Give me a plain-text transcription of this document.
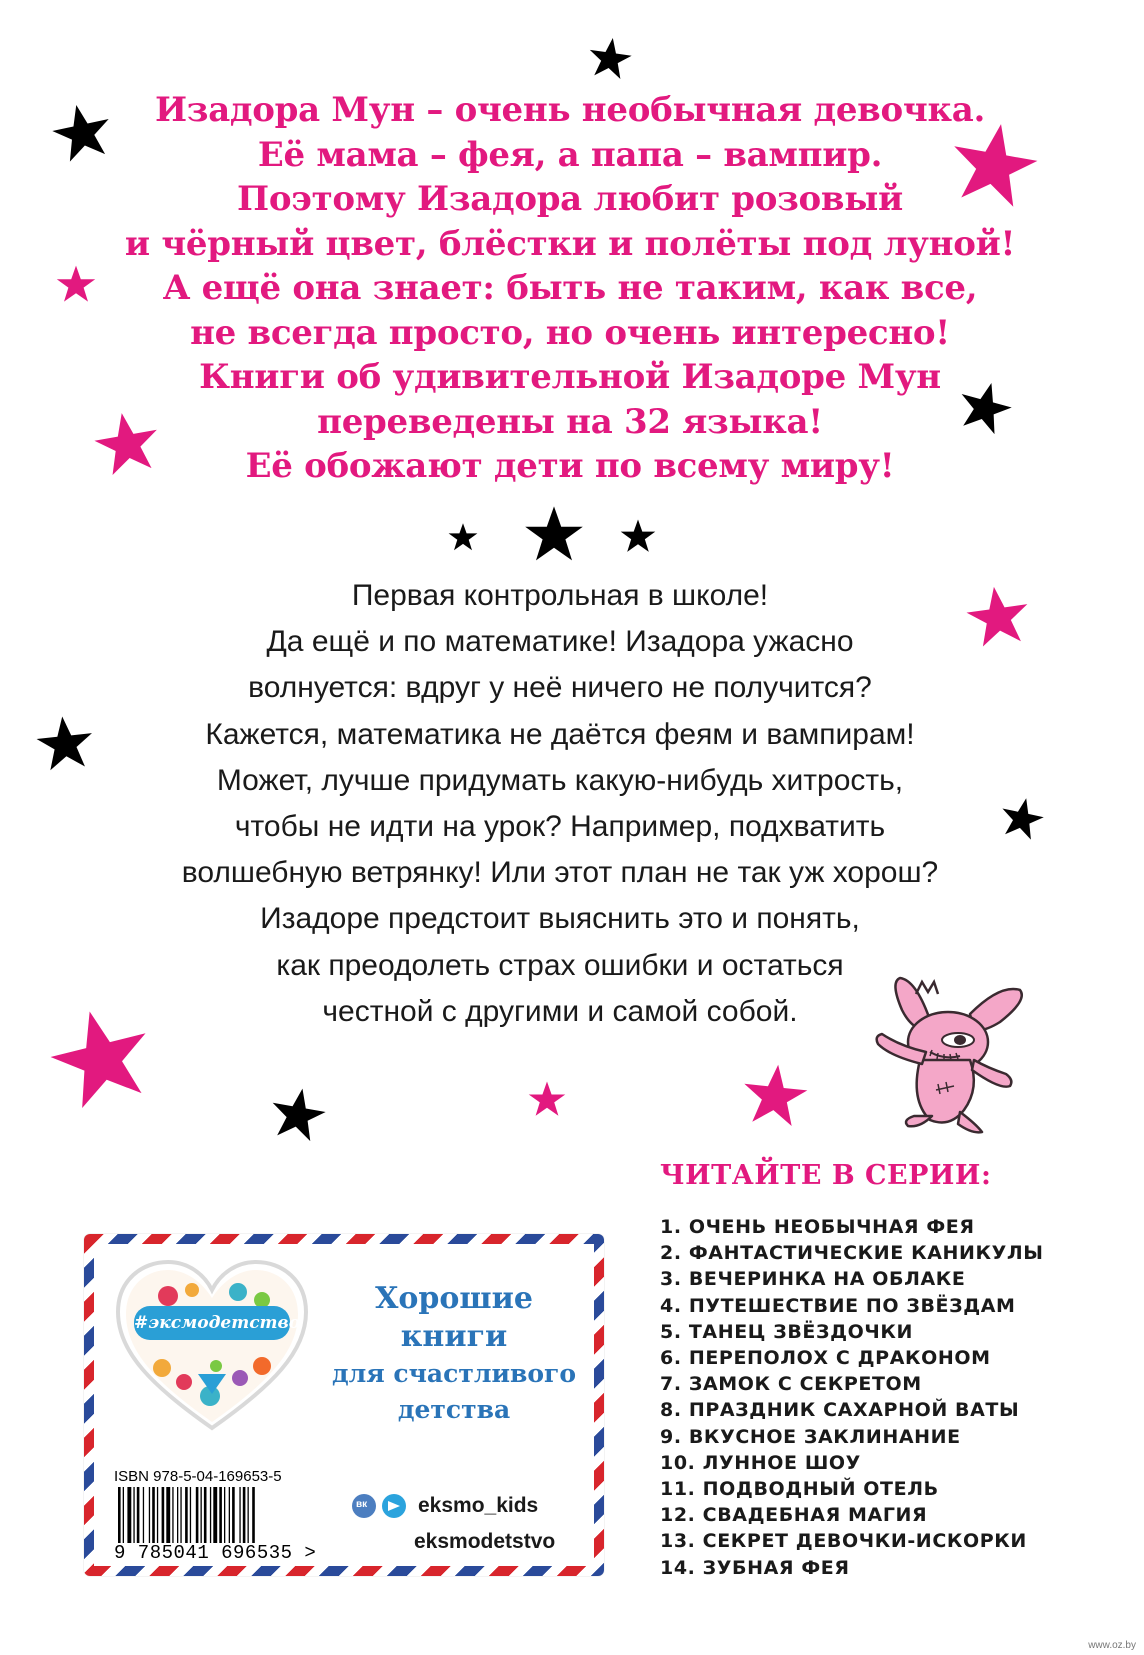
Изадора Мун – очень необычная девочка.
Её мама – фея, а папа – вампир.
Поэтому Изадора любит розовый
и чёрный цвет, блёстки и полёты под луной!
А ещё она знает: быть не таким, как все,
не всегда просто, но очень интересно!
Книги об удивительной Изадоре Мун
переведены на 32 языка!
Её обожают дети по всему миру!
Первая контрольная в школе!
Да ещё и по математике! Изадора ужасно
волнуется: вдруг у неё ничего не получится?
Кажется, математика не даётся феям и вампирам!
Может, лучше придумать какую-нибудь хитрость,
чтобы не идти на урок? Например, подхватить
волшебную ветрянку! Или этот план не так уж хорош?
Изадоре предстоит выяснить это и понять,
как преодолеть страх ошибки и остаться
честной с другими и самой собой.
ЧИТАЙТЕ В СЕРИИ:
1. ОЧЕНЬ НЕОБЫЧНАЯ ФЕЯ
2. ФАНТАСТИЧЕСКИЕ КАНИКУЛЫ
3. ВЕЧЕРИНКА НА ОБЛАКЕ
4. ПУТЕШЕСТВИЕ ПО ЗВЁЗДАМ
5. ТАНЕЦ ЗВЁЗДОЧКИ
6. ПЕРЕПОЛОХ С ДРАКОНОМ
7. ЗАМОК С СЕКРЕТОМ
8. ПРАЗДНИК САХАРНОЙ ВАТЫ
9. ВКУСНОЕ ЗАКЛИНАНИЕ
10. ЛУННОЕ ШОУ
11. ПОДВОДНЫЙ ОТЕЛЬ
12. СВАДЕБНАЯ МАГИЯ
13. СЕКРЕТ ДЕВОЧКИ-ИСКОРКИ
14. ЗУБНАЯ ФЕЯ
#эксмодетство
Хорошие
книги
для счастливого
детства
ISBN 978-5-04-169653-5
9 785041 696535 >
вк
eksmo_kids
eksmodetstvo
www.oz.by
